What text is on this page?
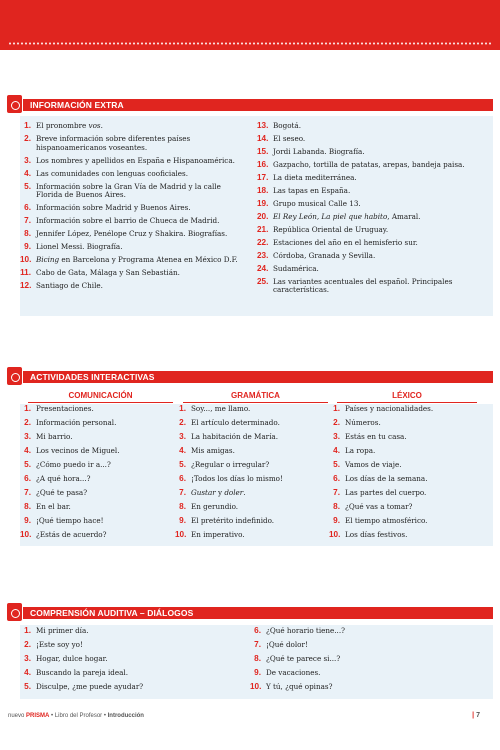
INFORMACIÓN EXTRA
1. El pronombre vos.
2. Breve información sobre diferentes países hispanoamericanos voseantes.
3. Los nombres y apellidos en España e Hispanoamérica.
4. Las comunidades con lenguas cooficiales.
5. Información sobre la Gran Vía de Madrid y la calle Florida de Buenos Aires.
6. Información sobre Madrid y Buenos Aires.
7. Información sobre el barrio de Chueca de Madrid.
8. Jennifer López, Penélope Cruz y Shakira. Biografías.
9. Lionel Messi. Biografía.
10. Bicing en Barcelona y Programa Atenea en México D.F.
11. Cabo de Gata, Málaga y San Sebastián.
12. Santiago de Chile.
13. Bogotá.
14. El seseo.
15. Jordi Labanda. Biografía.
16. Gazpacho, tortilla de patatas, arepas, bandeja paisa.
17. La dieta mediterránea.
18. Las tapas en España.
19. Grupo musical Calle 13.
20. El Rey León, La piel que habito, Amaral.
21. República Oriental de Uruguay.
22. Estaciones del año en el hemisferio sur.
23. Córdoba, Granada y Sevilla.
24. Sudamérica.
25. Las variantes acentuales del español. Principales características.
ACTIVIDADES INTERACTIVAS
COMUNICACIÓN	GRAMÁTICA	LÉXICO
1. Presentaciones.
2. Información personal.
3. Mi barrio.
4. Los vecinos de Miguel.
5. ¿Cómo puedo ir a...?
6. ¿A qué hora...?
7. ¿Qué te pasa?
8. En el bar.
9. ¡Qué tiempo hace!
10. ¿Estás de acuerdo?
1. Soy..., me llamo.
2. El artículo determinado.
3. La habitación de María.
4. Mis amigas.
5. ¿Regular o irregular?
6. ¡Todos los días lo mismo!
7. Gustar y doler.
8. En gerundio.
9. El pretérito indefinido.
10. En imperativo.
1. Países y nacionalidades.
2. Números.
3. Estás en tu casa.
4. La ropa.
5. Vamos de viaje.
6. Los días de la semana.
7. Las partes del cuerpo.
8. ¿Qué vas a tomar?
9. El tiempo atmosférico.
10. Los días festivos.
COMPRENSIÓN AUDITIVA – DIÁLOGOS
1. Mi primer día.
2. ¡Este soy yo!
3. Hogar, dulce hogar.
4. Buscando la pareja ideal.
5. Disculpe, ¿me puede ayudar?
6. ¿Qué horario tiene...?
7. ¡Qué dolor!
8. ¿Qué te parece si...?
9. De vacaciones.
10. Y tú, ¿qué opinas?
nuevo PRISMA • Libro del Profesor • Introducción	| 7
